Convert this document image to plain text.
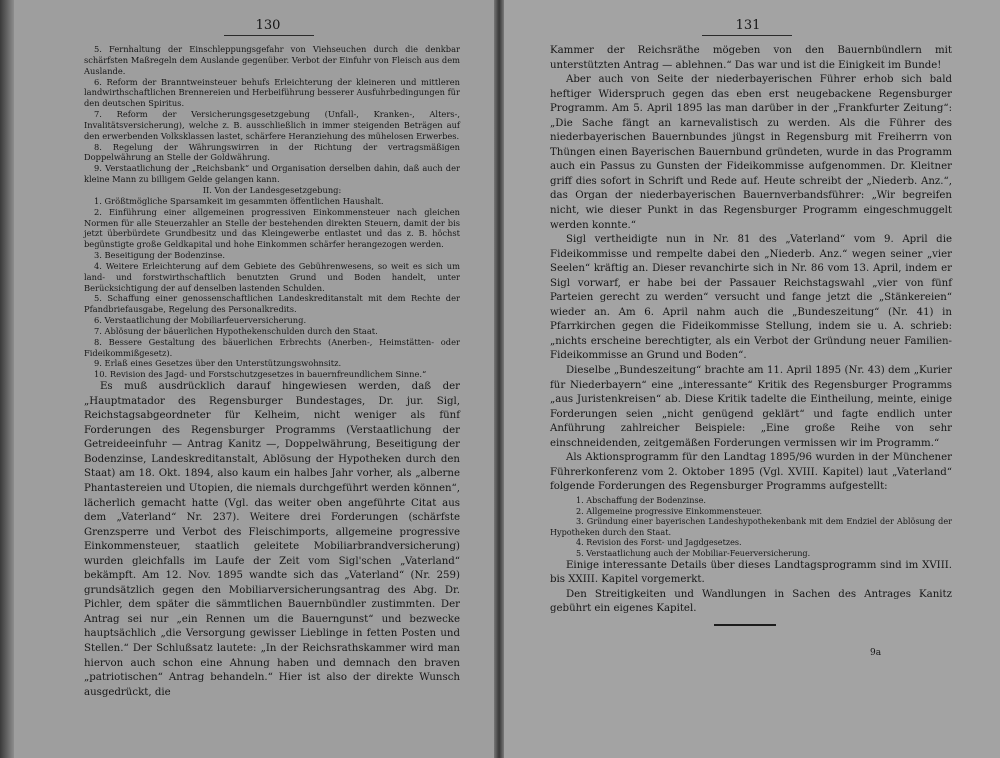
130

5. Fernhaltung der Einschleppungsgefahr von Viehseuchen durch die denkbar schärfsten Maßregeln dem Auslande gegenüber. Verbot der Einfuhr von Fleisch aus dem Auslande.

6. Reform der Branntweinsteuer behufs Erleichterung der kleineren und mittleren landwirthschaftlichen Brennereien und Herbeiführung besserer Ausfuhrbedingungen für den deutschen Spiritus.

7. Reform der Versicherungsgesetzgebung (Unfall-, Kranken-, Alters-, Invalitätsversicherung), welche z. B. ausschließlich in immer steigenden Beträgen auf den erwerbenden Volksklassen lastet, schärfere Heranziehung des mühelosen Erwerbes.

8. Regelung der Währungswirren in der Richtung der vertragsmäßigen Doppelwährung an Stelle der Goldwährung.

9. Verstaatlichung der „Reichsbank“ und Organisation derselben dahin, daß auch der kleine Mann zu billigem Gelde gelangen kann.

II. Von der Landesgesetzgebung:

1. Größtmögliche Sparsamkeit im gesammten öffentlichen Haushalt.

2. Einführung einer allgemeinen progressiven Einkommensteuer nach gleichen Normen für alle Steuerzahler an Stelle der bestehenden direkten Steuern, damit der bis jetzt überbürdete Grundbesitz und das Kleingewerbe entlastet und das z. B. höchst begünstigte große Geldkapital und hohe Einkommen schärfer herangezogen werden.

3. Beseitigung der Bodenzinse.

4. Weitere Erleichterung auf dem Gebiete des Gebührenwesens, so weit es sich um land- und forstwirthschaftlich benutzten Grund und Boden handelt, unter Berücksichtigung der auf denselben lastenden Schulden.

5. Schaffung einer genossenschaftlichen Landeskreditanstalt mit dem Rechte der Pfandbriefausgabe, Regelung des Personalkredits.

6. Verstaatlichung der Mobiliarfeuerversicherung.

7. Ablösung der bäuerlichen Hypothekenschulden durch den Staat.

8. Bessere Gestaltung des bäuerlichen Erbrechts (Anerben-, Heimstätten- oder Fideikommißgesetz).

9. Erlaß eines Gesetzes über den Unterstützungswohnsitz.

10. Revision des Jagd- und Forstschutzgesetzes in bauernfreundlichem Sinne.“

Es muß ausdrücklich darauf hingewiesen werden, daß der „Hauptmatador des Regensburger Bundestages, Dr. jur. Sigl, Reichstagsabgeordneter für Kelheim, nicht weniger als fünf Forderungen des Regensburger Programms (Verstaatlichung der Getreideeinfuhr — Antrag Kanitz —, Doppelwährung, Beseitigung der Bodenzinse, Landeskreditanstalt, Ablösung der Hypotheken durch den Staat) am 18. Okt. 1894, also kaum ein halbes Jahr vorher, als „alberne Phantastereien und Utopien, die niemals durchgeführt werden können“, lächerlich gemacht hatte (Vgl. das weiter oben angeführte Citat aus dem „Vaterland“ Nr. 237). Weitere drei Forderungen (schärfste Grenzsperre und Verbot des Fleischimports, allgemeine progressive Einkommensteuer, staatlich geleitete Mobiliarbrandversicherung) wurden gleichfalls im Laufe der Zeit vom Sigl'schen „Vaterland“ bekämpft. Am 12. Nov. 1895 wandte sich das „Vaterland“ (Nr. 259) grundsätzlich gegen den Mobiliarversicherungsantrag des Abg. Dr. Pichler, dem später die sämmtlichen Bauernbündler zustimmten. Der Antrag sei nur „ein Rennen um die Bauerngunst“ und bezwecke hauptsächlich „die Versorgung gewisser Lieblinge in fetten Posten und Stellen.“ Der Schlußsatz lautete: „In der Reichsrathskammer wird man hiervon auch schon eine Ahnung haben und demnach den braven „patriotischen“ Antrag behandeln.“ Hier ist also der direkte Wunsch ausgedrückt, die

131

Kammer der Reichsräthe mögeben von den Bauernbündlern mit unterstützten Antrag — ablehnen.“ Das war und ist die Einigkeit im Bunde!

Aber auch von Seite der niederbayerischen Führer erhob sich bald heftiger Widerspruch gegen das eben erst neugebackene Regensburger Programm. Am 5. April 1895 las man darüber in der „Frankfurter Zeitung“: „Die Sache fängt an karnevalistisch zu werden. Als die Führer des niederbayerischen Bauernbundes jüngst in Regensburg mit Freiherrn von Thüngen einen Bayerischen Bauernbund gründeten, wurde in das Programm auch ein Passus zu Gunsten der Fideikommisse aufgenommen. Dr. Kleitner griff dies sofort in Schrift und Rede auf. Heute schreibt der „Niederb. Anz.“, das Organ der niederbayerischen Bauernverbandsführer: „Wir begreifen nicht, wie dieser Punkt in das Regensburger Programm eingeschmuggelt werden konnte.“

Sigl vertheidigte nun in Nr. 81 des „Vaterland“ vom 9. April die Fideikommisse und rempelte dabei den „Niederb. Anz.“ wegen seiner „vier Seelen“ kräftig an. Dieser revanchirte sich in Nr. 86 vom 13. April, indem er Sigl vorwarf, er habe bei der Passauer Reichstagswahl „vier von fünf Parteien gerecht zu werden“ versucht und fange jetzt die „Stänkereien“ wieder an. Am 6. April nahm auch die „Bundeszeitung“ (Nr. 41) in Pfarrkirchen gegen die Fideikommisse Stellung, indem sie u. A. schrieb: „nichts erscheine berechtigter, als ein Verbot der Gründung neuer Familien-Fideikommisse an Grund und Boden“.

Dieselbe „Bundeszeitung“ brachte am 11. April 1895 (Nr. 43) dem „Kurier für Niederbayern“ eine „interessante“ Kritik des Regensburger Programms „aus Juristenkreisen“ ab. Diese Kritik tadelte die Eintheilung, meinte, einige Forderungen seien „nicht genügend geklärt“ und fagte endlich unter Anführung zahlreicher Beispiele: „Eine große Reihe von sehr einschneidenden, zeitgemäßen Forderungen vermissen wir im Programm.“

Als Aktionsprogramm für den Landtag 1895/96 wurden in der Münchener Führerkonferenz vom 2. Oktober 1895 (Vgl. XVIII. Kapitel) laut „Vaterland“ folgende Forderungen des Regensburger Programms aufgestellt:

1. Abschaffung der Bodenzinse.

2. Allgemeine progressive Einkommensteuer.

3. Gründung einer bayerischen Landeshypothekenbank mit dem Endziel der Ablösung der Hypotheken durch den Staat.

4. Revision des Forst- und Jagdgesetzes.

5. Verstaatlichung auch der Mobiliar-Feuerversicherung.

Einige interessante Details über dieses Landtagsprogramm sind im XVIII. bis XXIII. Kapitel vorgemerkt.

Den Streitigkeiten und Wandlungen in Sachen des Antrages Kanitz gebührt ein eigenes Kapitel.

9a
